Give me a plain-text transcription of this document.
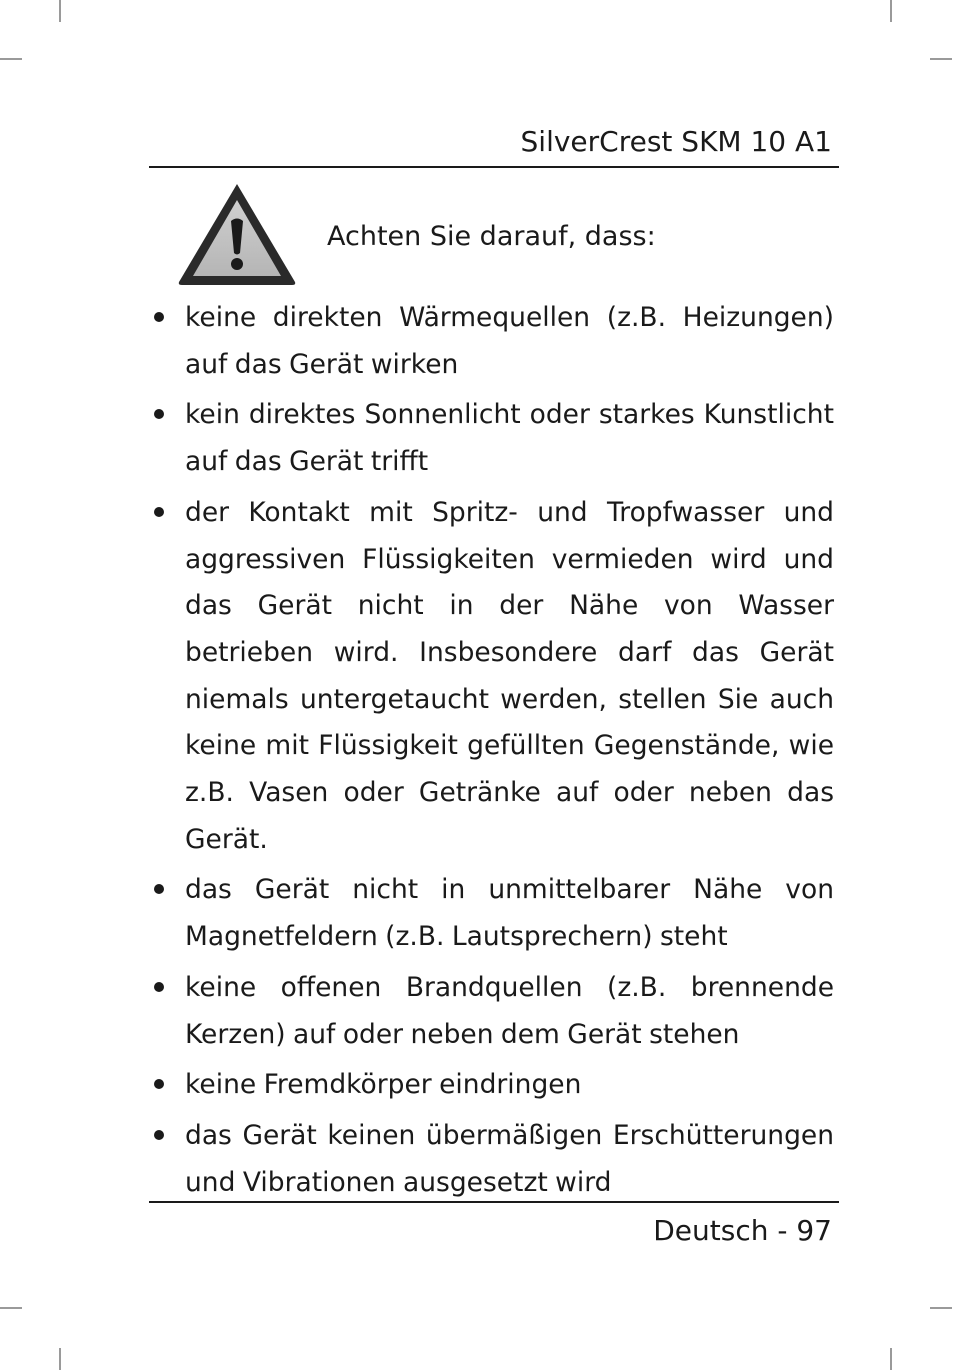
SilverCrest SKM 10 A1
Achten Sie darauf, dass:
keine direkten Wärmequellen (z.B. Heizungen) auf das Gerät wirken
kein direktes Sonnenlicht oder starkes Kunstlicht auf das Gerät trifft
der Kontakt mit Spritz- und Tropfwasser und aggressiven Flüssigkeiten vermieden wird und das Gerät nicht in der Nähe von Wasser betrieben wird. Insbesondere darf das Gerät niemals untergetaucht werden, stellen Sie auch keine mit Flüssigkeit gefüllten Gegenstände, wie z.B. Vasen oder Getränke auf oder neben das Gerät.
das Gerät nicht in unmittelbarer Nähe von Magnetfeldern (z.B. Lautsprechern) steht
keine offenen Brandquellen (z.B. brennende Kerzen) auf oder neben dem Gerät stehen
keine Fremdkörper eindringen
das Gerät keinen übermäßigen Erschütterungen und Vibrationen ausgesetzt wird
Deutsch - 97
